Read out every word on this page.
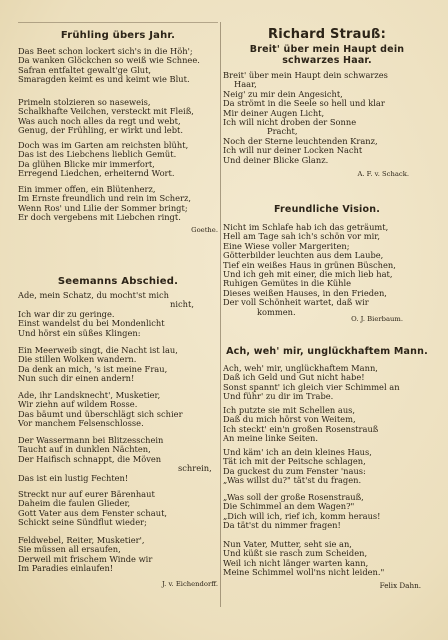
Frühling übers Jahr.
Das Beet schon lockert sich's in die Höh';
Da wanken Glöckchen so weiß wie Schnee.
Safran entfaltet gewalt'ge Glut,
Smaragden keimt es und keimt wie Blut.
Primeln stolzieren so naseweis,
Schalkhafte Veilchen, versteckt mit Fleiß,
Was auch noch alles da regt und webt,
Genug, der Frühling, er wirkt und lebt.
Doch was im Garten am reichsten blüht,
Das ist des Liebchens lieblich Gemüt.
Da glühen Blicke mir immerfort,
Erregend Liedchen, erheiternd Wort.
Ein immer offen, ein Blütenherz,
Im Ernste freundlich und rein im Scherz,
Wenn Ros' und Lilie der Sommer bringt;
Er doch vergebens mit Liebchen ringt.
Goethe.
Seemanns Abschied.
Ade, mein Schatz, du mocht'st mich
nicht,
Ich war dir zu geringe.
Einst wandelst du bei Mondenlicht
Und hörst ein süßes Klingen:
Ein Meerweib singt, die Nacht ist lau,
Die stillen Wolken wandern.
Da denk an mich, 's ist meine Frau,
Nun such dir einen andern!
Ade, ihr Landsknecht', Musketier,
Wir ziehn auf wildem Rosse.
Das bäumt und überschlägt sich schier
Vor manchem Felsenschlosse.
Der Wassermann bei Blitzesschein
Taucht auf in dunklen Nächten,
Der Haifisch schnappt, die Möven
schrein,
Das ist ein lustig Fechten!
Streckt nur auf eurer Bärenhaut
Daheim die faulen Glieder,
Gott Vater aus dem Fenster schaut,
Schickt seine Sündflut wieder;
Feldwebel, Reiter, Musketier',
Sie müssen all ersaufen,
Derweil mit frischem Winde wir
Im Paradies einlaufen!
J. v. Eichendorff.
Richard Strauß:
Breit' über mein Haupt dein
schwarzes Haar.
Breit' über mein Haupt dein schwarzes
Haar,
Neig' zu mir dein Angesicht,
Da strömt in die Seele so hell und klar
Mir deiner Augen Licht,
Ich will nicht droben der Sonne
Pracht,
Noch der Sterne leuchtenden Kranz,
Ich will nur deiner Locken Nacht
Und deiner Blicke Glanz.
A. F. v. Schack.
Freundliche Vision.
Nicht im Schlafe hab ich das geträumt,
Hell am Tage sah ich's schön vor mir,
Eine Wiese voller Margeriten;
Götterbilder leuchten aus dem Laube,
Tief ein weißes Haus in grünen Büschen,
Und ich geh mit einer, die mich lieb hat,
Ruhigen Gemütes in die Kühle
Dieses weißen Hauses, in den Frieden,
Der voll Schönheit wartet, daß wir
kommen.
O. J. Bierbaum.
Ach, weh' mir, unglückhaftem Mann.
Ach, weh' mir, unglückhaftem Mann,
Daß ich Geld und Gut nicht habe!
Sonst spannt' ich gleich vier Schimmel an
Und führ' zu dir im Trabe.
Ich putzte sie mit Schellen aus,
Daß du mich hörst von Weitem,
Ich steckt' ein'n großen Rosenstrauß
An meine linke Seiten.
Und käm' ich an dein kleines Haus,
Tät ich mit der Peitsche schlagen,
Da guckest du zum Fenster 'naus:
„Was willst du?" tät'st du fragen.
„Was soll der große Rosenstrauß,
Die Schimmel an dem Wagen?"
„Dich will ich, rief ich, komm heraus!
Da tät'st du nimmer fragen!
Nun Vater, Mutter, seht sie an,
Und küßt sie rasch zum Scheiden,
Weil ich nicht länger warten kann,
Meine Schimmel woll'ns nicht leiden."
Felix Dahn.
